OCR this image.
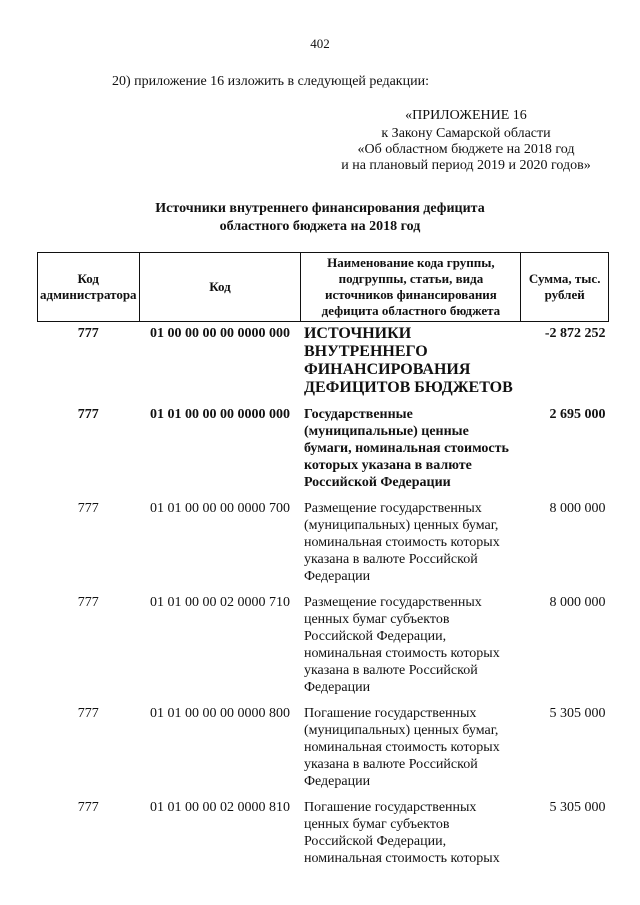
402
20) приложение 16 изложить в следующей редакции:
«ПРИЛОЖЕНИЕ 16
к Закону Самарской области
«Об областном бюджете на 2018 год
и на плановый период 2019 и 2020 годов»
Источники внутреннего финансирования дефицита
областного бюджета на 2018 год
Код администратора	Код	Наименование кода группы, подгруппы, статьи, вида источников финансирования дефицита областного бюджета	Сумма, тыс. рублей
777	01 00 00 00 00 0000 000	ИСТОЧНИКИ ВНУТРЕННЕГО ФИНАНСИРОВАНИЯ ДЕФИЦИТОВ БЮДЖЕТОВ	-2 872 252
777	01 01 00 00 00 0000 000	Государственные (муниципальные) ценные бумаги, номинальная стоимость которых указана в валюте Российской Федерации	2 695 000
777	01 01 00 00 00 0000 700	Размещение государственных (муниципальных) ценных бумаг, номинальная стоимость которых указана в валюте Российской Федерации	8 000 000
777	01 01 00 00 02 0000 710	Размещение государственных ценных бумаг субъектов Российской Федерации, номинальная стоимость которых указана в валюте Российской Федерации	8 000 000
777	01 01 00 00 00 0000 800	Погашение государственных (муниципальных) ценных бумаг, номинальная стоимость которых указана в валюте Российской Федерации	5 305 000
777	01 01 00 00 02 0000 810	Погашение государственных ценных бумаг субъектов Российской Федерации, номинальная стоимость которых	5 305 000
